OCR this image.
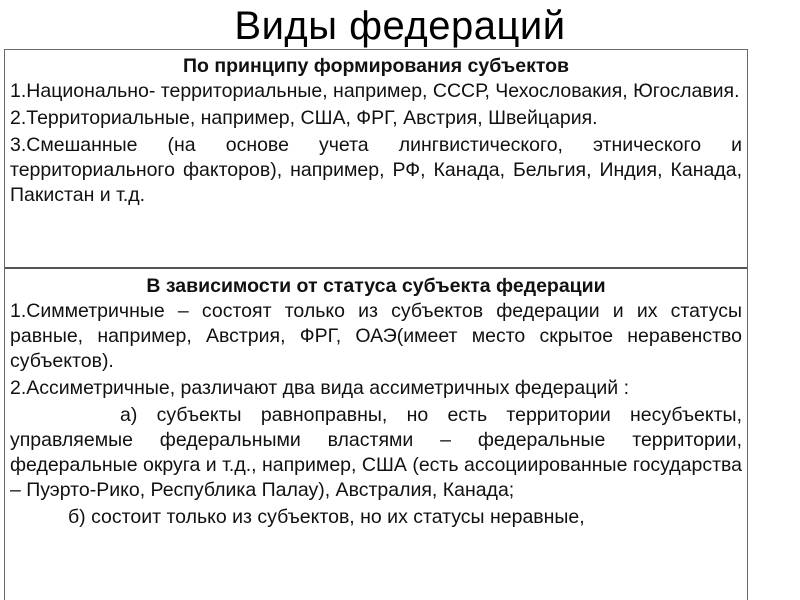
Виды федераций
По принципу формирования субъектов

1.Национально- территориальные, например, СССР, Чехословакия, Югославия.

2.Территориальные, например, США, ФРГ, Австрия, Швейцария.

3.Смешанные (на основе учета лингвистического, этнического и территориального факторов), например, РФ, Канада, Бельгия, Индия, Канада, Пакистан и т.д.

В зависимости от статуса субъекта федерации

1.Симметричные – состоят только из субъектов федерации и их статусы равные, например, Австрия, ФРГ, ОАЭ(имеет место скрытое неравенство субъектов).

2.Ассиметричные, различают два вида ассиметричных федераций :

а) субъекты равноправны, но есть территории несубъекты, управляемые федеральными властями – федеральные территории, федеральные округа и т.д., например, США (есть ассоциированные государства – Пуэрто-Рико, Республика Палау), Австралия, Канада;

б) состоит только из субъектов, но их статусы неравные,
